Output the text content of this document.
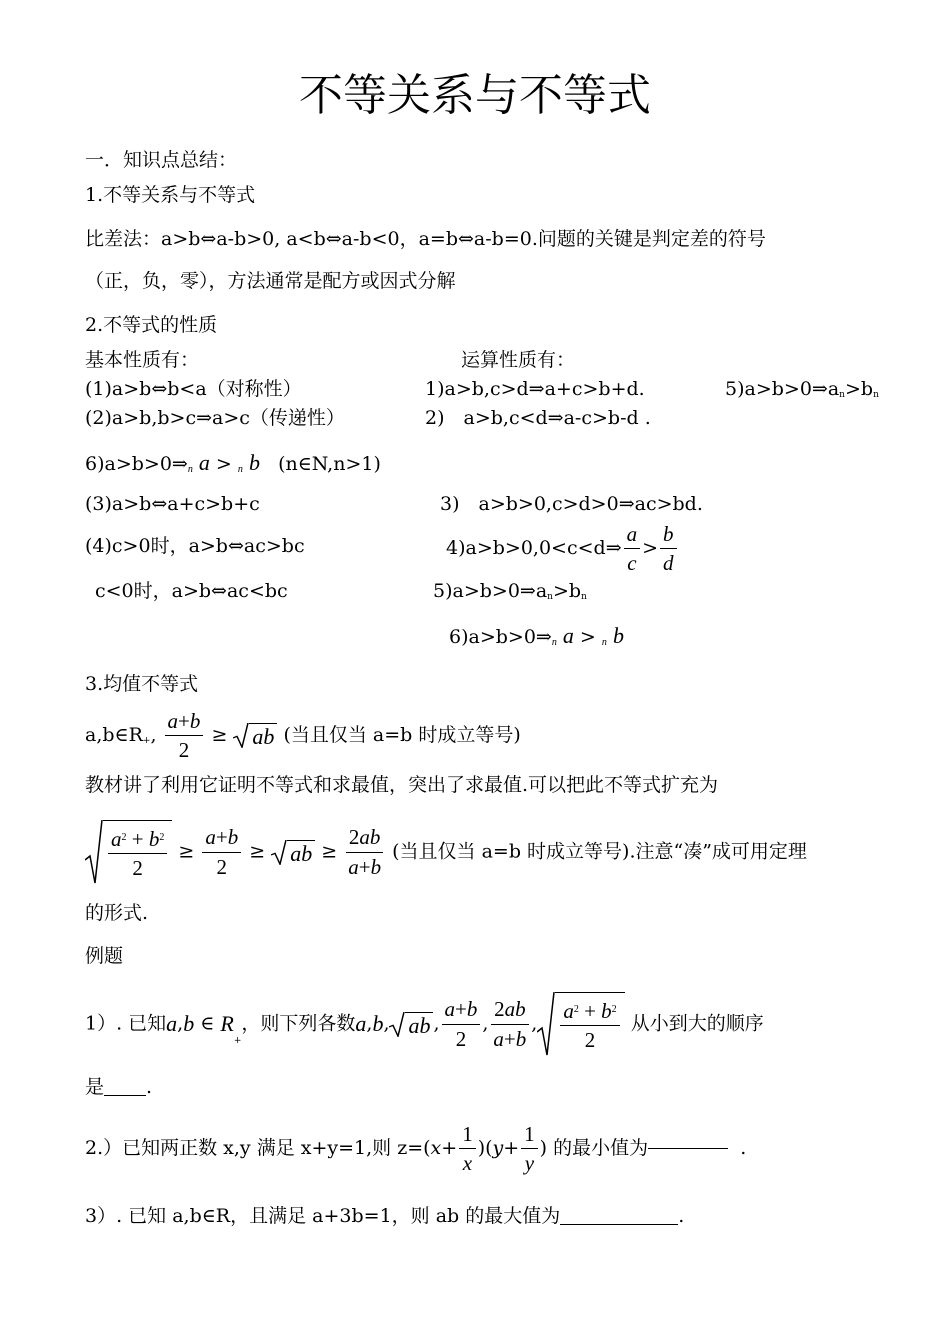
不等关系与不等式
一．知识点总结：
1.不等关系与不等式
比差法：a>b⇔a-b>0, a<b⇔a-b<0，a=b⇔a-b=0.问题的关键是判定差的符号
（正，负，零），方法通常是配方或因式分解
2.不等式的性质
基本性质有：	运算性质有：
(1)a>b⇔b<a（对称性）	1)a>b,c>d⇒a+c>b+d.	$5)a>b>0\Rightarrow a_n>b_n$
(2)a>b,b>c⇒a>c（传递性）	2)　a>b,c<d⇒a-c>b-d .
$6)a>b>0\Rightarrow_n$ a > $_n$ b (n∈N,n>1)
(3)a>b⇔a+c>b+c	3)　a>b>0,c>d>0⇒ac>bd.
(4)c>0时，a>b⇔ac>bc	4)a>b>0,0<c<d⇒ $\frac{a}{c} > \frac{b}{d}$
c<0时，a>b⇔ac<bc	$5)a>b>0\Rightarrow a_n>b_n$
$6)a>b>0\Rightarrow_n$ a > $_n$ b
3.均值不等式
$a,b\in R_+$, $\frac{a+b}{2}$ ≥ ab (当且仅当 a=b 时成立等号)
教材讲了利用它证明不等式和求最值，突出了求最值.可以把此不等式扩充为
$\frac{a^2 + b^2}{2} \ge \frac{a+b}{2}$ ≥ ab ≥ $\frac{2ab}{a+b}$ (当且仅当 a=b 时成立等号).注意“凑”成可用定理
的形式.
例题
1）. 已知a,b ∈ $R_+$，则下列各数a,b, ab , $\frac{a+b}{2}$ , $\frac{2ab}{a+b}$ , $\frac{a^2 + b^2}{2}$ 从小到大的顺序
是 .
2.）已知两正数 x,y 满足 x+y=1,则 $z=(x+ \frac{1}{x} )(y+ \frac{1}{y}$ ) 的最小值为	.
3）. 已知 a,b∈R，且满足 a+3b=1，则 ab 的最大值为	.
